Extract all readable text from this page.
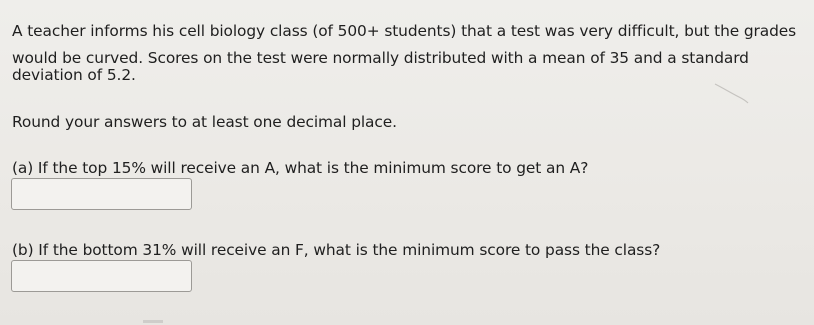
A teacher informs his cell biology class (of 500+ students) that a test was very difficult, but the grades
would be curved. Scores on the test were normally distributed with a mean of 35 and a standard
deviation of 5.2.
Round your answers to at least one decimal place.
(a) If the top 15% will receive an A, what is the minimum score to get an A?
(b) If the bottom 31% will receive an F, what is the minimum score to pass the class?
